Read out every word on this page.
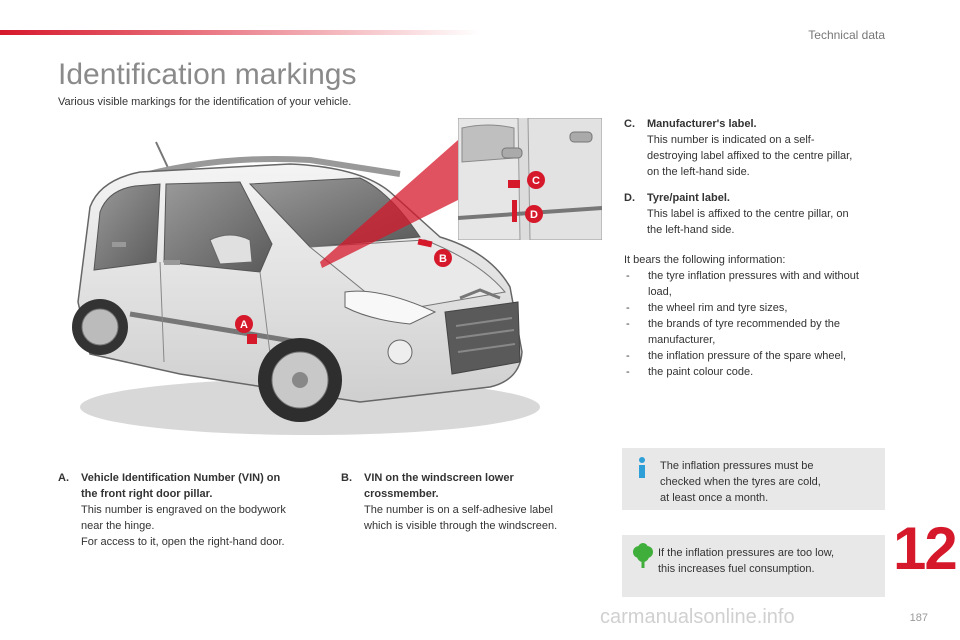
Technical data
Identification markings
Various visible markings for the identification of your vehicle.
A
B
C
D
C.	Manufacturer's label.
This number is indicated on a self-
destroying label affixed to the centre pillar,
on the left-hand side.
D.	Tyre/paint label.
This label is affixed to the centre pillar, on
the left-hand side.
It bears the following information:
- the tyre inflation pressures with and without
load,
- the wheel rim and tyre sizes,
- the brands of tyre recommended by the
manufacturer,
- the inflation pressure of the spare wheel,
- the paint colour code.
A.	Vehicle Identification Number (VIN) on
the front right door pillar.
This number is engraved on the bodywork
near the hinge.
For access to it, open the right-hand door.
B.	VIN on the windscreen lower
crossmember.
The number is on a self-adhesive label
which is visible through the windscreen.
The inflation pressures must be
checked when the tyres are cold,
at least once a month.
If the inflation pressures are too low,
this increases fuel consumption.	12
carmanualsonline.info	187
